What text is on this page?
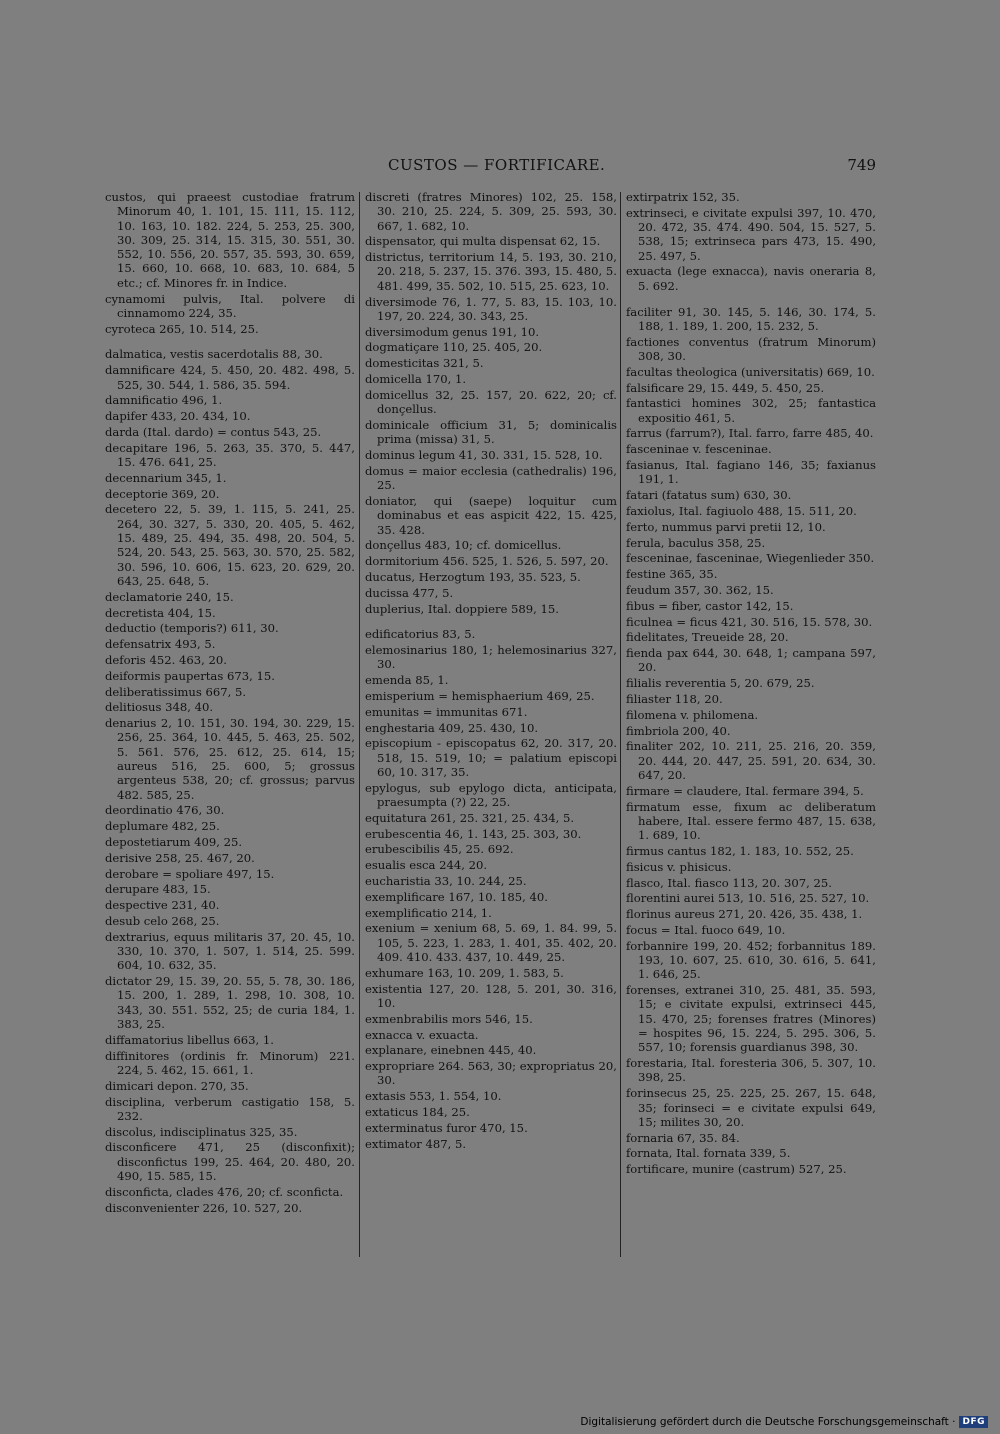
CUSTOS — FORTIFICARE.	749
custos, qui praeest custodiae fratrum Minorum 40, 1. 101, 15. 111, 15. 112, 10. 163, 10. 182. 224, 5. 253, 25. 300, 30. 309, 25. 314, 15. 315, 30. 551, 30. 552, 10. 556, 20. 557, 35. 593, 30. 659, 15. 660, 10. 668, 10. 683, 10. 684, 5 etc.; cf. Minores fr. in Indice.
cynamomi pulvis, Ital. polvere di cinnamomo 224, 35.
cyroteca 265, 10. 514, 25.
dalmatica, vestis sacerdotalis 88, 30.
damnificare 424, 5. 450, 20. 482. 498, 5. 525, 30. 544, 1. 586, 35. 594.
damnificatio 496, 1.
dapifer 433, 20. 434, 10.
darda (Ital. dardo) = contus 543, 25.
decapitare 196, 5. 263, 35. 370, 5. 447, 15. 476. 641, 25.
decennarium 345, 1.
deceptorie 369, 20.
decetero 22, 5. 39, 1. 115, 5. 241, 25. 264, 30. 327, 5. 330, 20. 405, 5. 462, 15. 489, 25. 494, 35. 498, 20. 504, 5. 524, 20. 543, 25. 563, 30. 570, 25. 582, 30. 596, 10. 606, 15. 623, 20. 629, 20. 643, 25. 648, 5.
declamatorie 240, 15.
decretista 404, 15.
deductio (temporis?) 611, 30.
defensatrix 493, 5.
deforis 452. 463, 20.
deiformis paupertas 673, 15.
deliberatissimus 667, 5.
delitiosus 348, 40.
denarius 2, 10. 151, 30. 194, 30. 229, 15. 256, 25. 364, 10. 445, 5. 463, 25. 502, 5. 561. 576, 25. 612, 25. 614, 15; aureus 516, 25. 600, 5; grossus argenteus 538, 20; cf. grossus; parvus 482. 585, 25.
deordinatio 476, 30.
deplumare 482, 25.
depostetiarum 409, 25.
derisive 258, 25. 467, 20.
derobare = spoliare 497, 15.
derupare 483, 15.
despective 231, 40.
desub celo 268, 25.
dextrarius, equus militaris 37, 20. 45, 10. 330, 10. 370, 1. 507, 1. 514, 25. 599. 604, 10. 632, 35.
dictator 29, 15. 39, 20. 55, 5. 78, 30. 186, 15. 200, 1. 289, 1. 298, 10. 308, 10. 343, 30. 551. 552, 25; de curia 184, 1. 383, 25.
diffamatorius libellus 663, 1.
diffinitores (ordinis fr. Minorum) 221. 224, 5. 462, 15. 661, 1.
dimicari depon. 270, 35.
disciplina, verberum castigatio 158, 5. 232.
discolus, indisciplinatus 325, 35.
disconficere 471, 25 (disconfixit); disconfictus 199, 25. 464, 20. 480, 20. 490, 15. 585, 15.
disconficta, clades 476, 20; cf. sconficta.
disconvenienter 226, 10. 527, 20.
discreti (fratres Minores) 102, 25. 158, 30. 210, 25. 224, 5. 309, 25. 593, 30. 667, 1. 682, 10.
dispensator, qui multa dispensat 62, 15.
districtus, territorium 14, 5. 193, 30. 210, 20. 218, 5. 237, 15. 376. 393, 15. 480, 5. 481. 499, 35. 502, 10. 515, 25. 623, 10.
diversimode 76, 1. 77, 5. 83, 15. 103, 10. 197, 20. 224, 30. 343, 25.
diversimodum genus 191, 10.
dogmatiçare 110, 25. 405, 20.
domesticitas 321, 5.
domicella 170, 1.
domicellus 32, 25. 157, 20. 622, 20; cf. donçellus.
dominicale officium 31, 5; dominicalis prima (missa) 31, 5.
dominus legum 41, 30. 331, 15. 528, 10.
domus = maior ecclesia (cathedralis) 196, 25.
doniator, qui (saepe) loquitur cum dominabus et eas aspicit 422, 15. 425, 35. 428.
donçellus 483, 10; cf. domicellus.
dormitorium 456. 525, 1. 526, 5. 597, 20.
ducatus, Herzogtum 193, 35. 523, 5.
ducissa 477, 5.
duplerius, Ital. doppiere 589, 15.
edificatorius 83, 5.
elemosinarius 180, 1; helemosinarius 327, 30.
emenda 85, 1.
emisperium = hemisphaerium 469, 25.
emunitas = immunitas 671.
enghestaria 409, 25. 430, 10.
episcopium - episcopatus 62, 20. 317, 20. 518, 15. 519, 10; = palatium episcopi 60, 10. 317, 35.
epylogus, sub epylogo dicta, anticipata, praesumpta (?) 22, 25.
equitatura 261, 25. 321, 25. 434, 5.
erubescentia 46, 1. 143, 25. 303, 30.
erubescibilis 45, 25. 692.
esualis esca 244, 20.
eucharistia 33, 10. 244, 25.
exemplificare 167, 10. 185, 40.
exemplificatio 214, 1.
exenium = xenium 68, 5. 69, 1. 84. 99, 5. 105, 5. 223, 1. 283, 1. 401, 35. 402, 20. 409. 410. 433. 437, 10. 449, 25.
exhumare 163, 10. 209, 1. 583, 5.
existentia 127, 20. 128, 5. 201, 30. 316, 10.
exmenbrabilis mors 546, 15.
exnacca v. exuacta.
explanare, einebnen 445, 40.
expropriare 264. 563, 30; expropriatus 20, 30.
extasis 553, 1. 554, 10.
extaticus 184, 25.
exterminatus furor 470, 15.
extimator 487, 5.
extirpatrix 152, 35.
extrinseci, e civitate expulsi 397, 10. 470, 20. 472, 35. 474. 490. 504, 15. 527, 5. 538, 15; extrinseca pars 473, 15. 490, 25. 497, 5.
exuacta (lege exnacca), navis oneraria 8, 5. 692.
faciliter 91, 30. 145, 5. 146, 30. 174, 5. 188, 1. 189, 1. 200, 15. 232, 5.
factiones conventus (fratrum Minorum) 308, 30.
facultas theologica (universitatis) 669, 10.
falsificare 29, 15. 449, 5. 450, 25.
fantastici homines 302, 25; fantastica expositio 461, 5.
farrus (farrum?), Ital. farro, farre 485, 40.
fasceninae v. fesceninae.
fasianus, Ital. fagiano 146, 35; faxianus 191, 1.
fatari (fatatus sum) 630, 30.
faxiolus, Ital. fagiuolo 488, 15. 511, 20.
ferto, nummus parvi pretii 12, 10.
ferula, baculus 358, 25.
fesceninae, fasceninae, Wiegenlieder 350.
festine 365, 35.
feudum 357, 30. 362, 15.
fibus = fiber, castor 142, 15.
ficulnea = ficus 421, 30. 516, 15. 578, 30.
fidelitates, Treueide 28, 20.
fienda pax 644, 30. 648, 1; campana 597, 20.
filialis reverentia 5, 20. 679, 25.
filiaster 118, 20.
filomena v. philomena.
fimbriola 200, 40.
finaliter 202, 10. 211, 25. 216, 20. 359, 20. 444, 20. 447, 25. 591, 20. 634, 30. 647, 20.
firmare = claudere, Ital. fermare 394, 5.
firmatum esse, fixum ac deliberatum habere, Ital. essere fermo 487, 15. 638, 1. 689, 10.
firmus cantus 182, 1. 183, 10. 552, 25.
fisicus v. phisicus.
flasco, Ital. fiasco 113, 20. 307, 25.
florentini aurei 513, 10. 516, 25. 527, 10.
florinus aureus 271, 20. 426, 35. 438, 1.
focus = Ital. fuoco 649, 10.
forbannire 199, 20. 452; forbannitus 189. 193, 10. 607, 25. 610, 30. 616, 5. 641, 1. 646, 25.
forenses, extranei 310, 25. 481, 35. 593, 15; e civitate expulsi, extrinseci 445, 15. 470, 25; forenses fratres (Minores) = hospites 96, 15. 224, 5. 295. 306, 5. 557, 10; forensis guardianus 398, 30.
forestaria, Ital. foresteria 306, 5. 307, 10. 398, 25.
forinsecus 25, 25. 225, 25. 267, 15. 648, 35; forinseci = e civitate expulsi 649, 15; milites 30, 20.
fornaria 67, 35. 84.
fornata, Ital. fornata 339, 5.
fortificare, munire (castrum) 527, 25.
Digitalisierung gefördert durch die Deutsche Forschungsgemeinschaft · DFG
